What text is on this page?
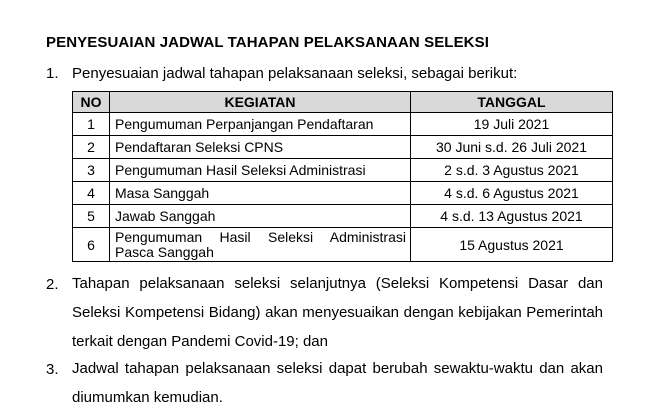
PENYESUAIAN JADWAL TAHAPAN PELAKSANAAN SELEKSI
1. Penyesuaian jadwal tahapan pelaksanaan seleksi, sebagai berikut:
NO	KEGIATAN	TANGGAL
1	Pengumuman Perpanjangan Pendaftaran	19 Juli 2021
2	Pendaftaran Seleksi CPNS	30 Juni s.d. 26 Juli 2021
3	Pengumuman Hasil Seleksi Administrasi	2 s.d. 3 Agustus 2021
4	Masa Sanggah	4 s.d. 6 Agustus 2021
5	Jawab Sanggah	4 s.d. 13 Agustus 2021
6	Pengumuman Hasil Seleksi Administrasi Pasca Sanggah	15 Agustus 2021
2. Tahapan pelaksanaan seleksi selanjutnya (Seleksi Kompetensi Dasar dan Seleksi Kompetensi Bidang) akan menyesuaikan dengan kebijakan Pemerintah terkait dengan Pandemi Covid-19; dan
3. Jadwal tahapan pelaksanaan seleksi dapat berubah sewaktu-waktu dan akan diumumkan kemudian.
